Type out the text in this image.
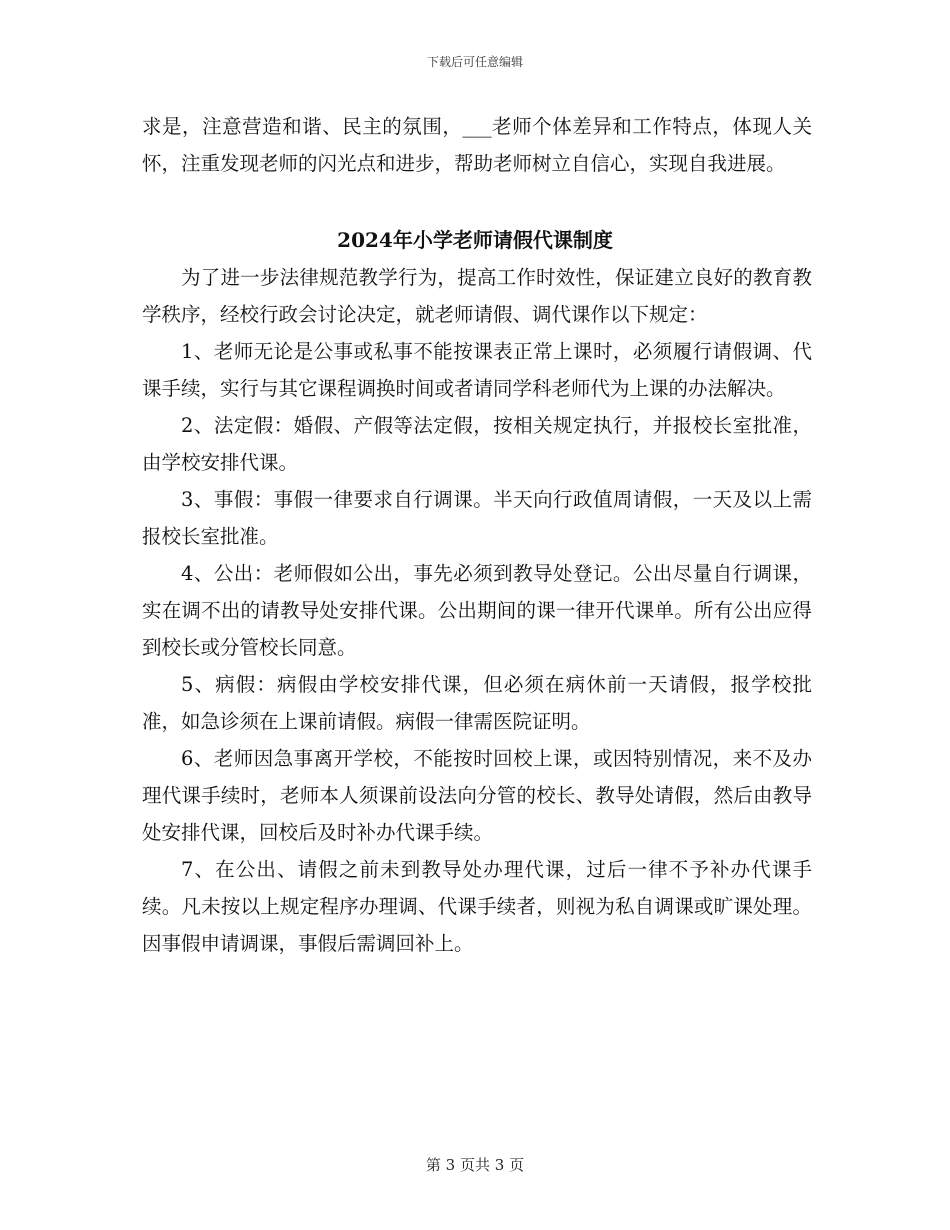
下载后可任意编辑

求是，注意营造和谐、民主的氛围，___老师个体差异和工作特点，体现人关怀，注重发现老师的闪光点和进步，帮助老师树立自信心，实现自我进展。

2024年小学老师请假代课制度

为了进一步法律规范教学行为，提高工作时效性，保证建立良好的教育教学秩序，经校行政会讨论决定，就老师请假、调代课作以下规定：

1、老师无论是公事或私事不能按课表正常上课时，必须履行请假调、代课手续，实行与其它课程调换时间或者请同学科老师代为上课的办法解决。

2、法定假：婚假、产假等法定假，按相关规定执行，并报校长室批准，由学校安排代课。

3、事假：事假一律要求自行调课。半天向行政值周请假，一天及以上需报校长室批准。

4、公出：老师假如公出，事先必须到教导处登记。公出尽量自行调课，实在调不出的请教导处安排代课。公出期间的课一律开代课单。所有公出应得到校长或分管校长同意。

5、病假：病假由学校安排代课，但必须在病休前一天请假，报学校批准，如急诊须在上课前请假。病假一律需医院证明。

6、老师因急事离开学校，不能按时回校上课，或因特别情况，来不及办理代课手续时，老师本人须课前设法向分管的校长、教导处请假，然后由教导处安排代课，回校后及时补办代课手续。

7、在公出、请假之前未到教导处办理代课，过后一律不予补办代课手续。凡未按以上规定程序办理调、代课手续者，则视为私自调课或旷课处理。因事假申请调课，事假后需调回补上。

第 3 页共 3 页
